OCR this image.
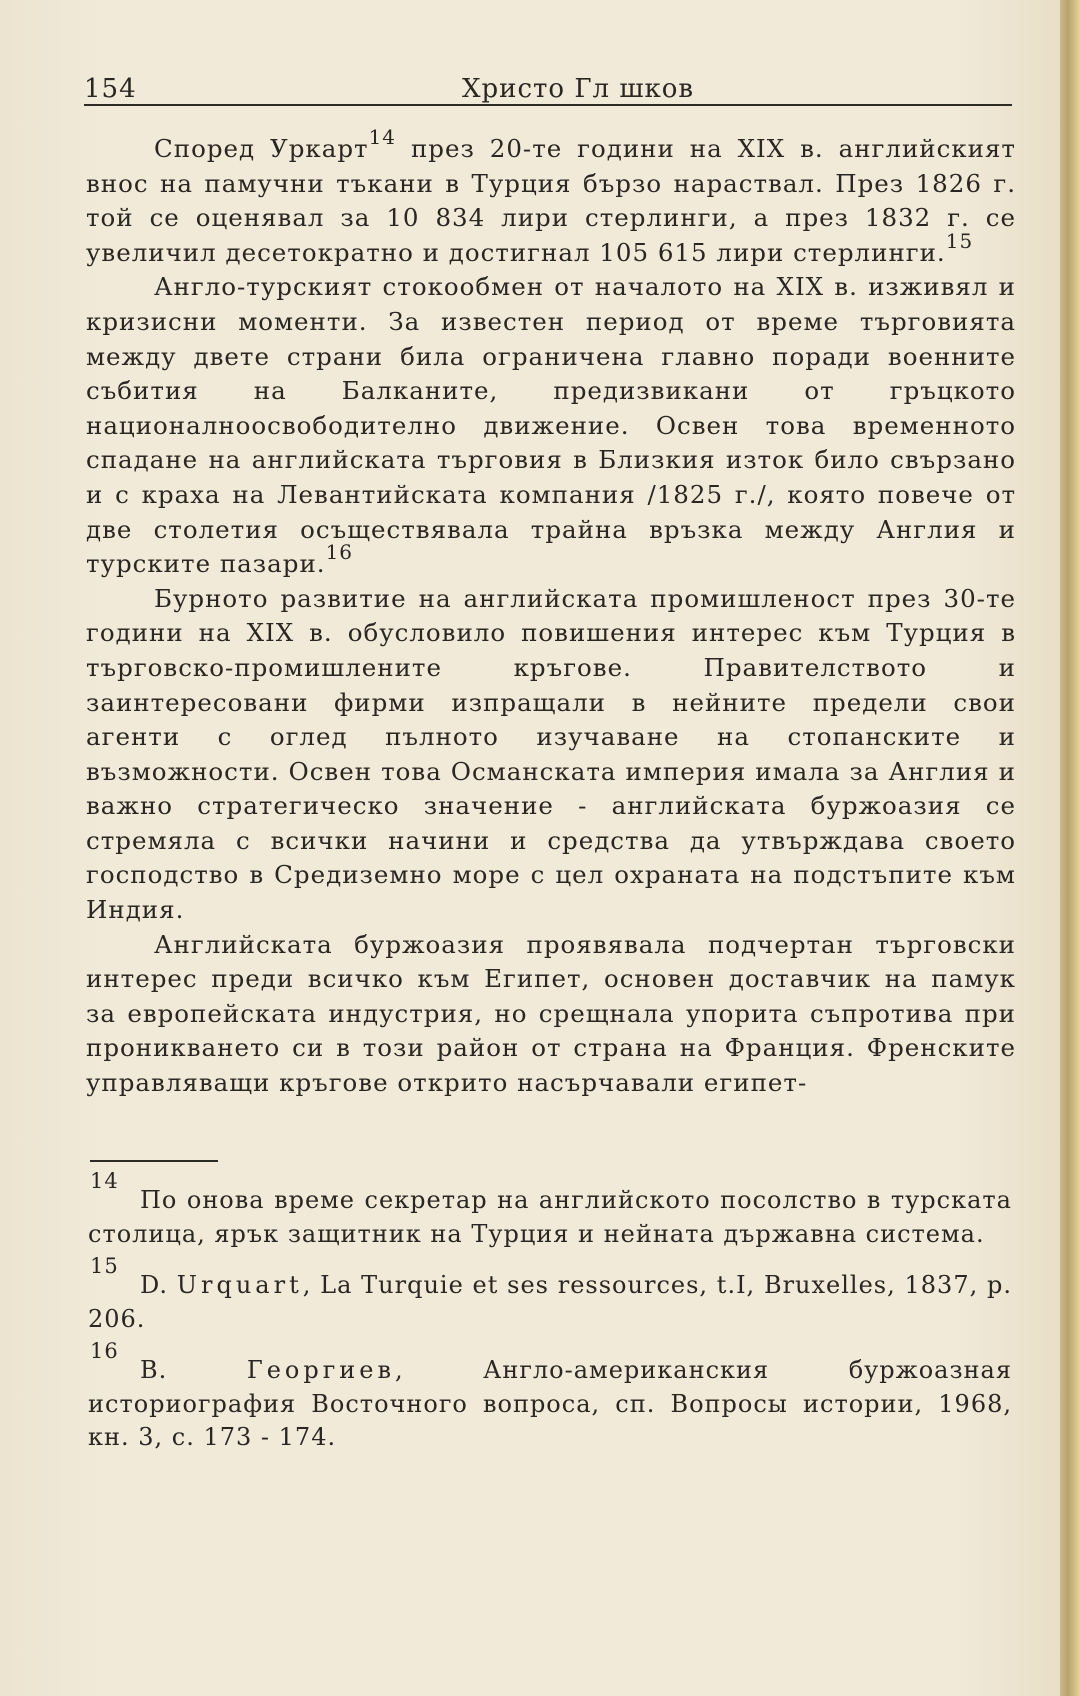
154	Христо Гл шков

Според Уркарт$^{14}$ през 20-те години на XIX в. английският внос на памучни тъкани в Турция бързо нараствал. През 1826 г. той се оценявал за 10 834 лири стерлинги, а през 1832 г. се увеличил десетократно и достигнал 105 615 лири стерлинги.$^{15}$

Англо-турският стокообмен от началото на XIX в. изживял и кризисни моменти. За известен период от време търговията между двете страни била ограничена главно поради военните събития на Балканите, предизвикани от гръцкото националноосвободително движение. Освен това временното спадане на английската търговия в Близкия изток било свързано и с краха на Левантийската компания /1825 г./, която повече от две столетия осъществявала трайна връзка между Англия и турските пазари.$^{16}$

Бурното развитие на английската промишленост през 30-те години на XIX в. обусловило повишения интерес към Турция в търговско-промишлените кръгове. Правителството и заинтересовани фирми изпращали в нейните предели свои агенти с оглед пълното изучаване на стопанските и възможности. Освен това Османската империя имала за Англия и важно стратегическо значение - английската буржоазия се стремяла с всички начини и средства да утвърждава своето господство в Средиземно море с цел охраната на подстъпите към Индия.

Английската буржоазия проявявала подчертан търговски интерес преди всичко към Египет, основен доставчик на памук за европейската индустрия, но срещнала упорита съпротива при проникването си в този район от страна на Франция. Френските управляващи кръгове открито насърчавали египет-

14
По онова време секретар на английското посолство в турската столица, ярък защитник на Турция и нейната държавна система.
15
D. Urquart, La Turquie et ses ressources, t.I, Bruxelles, 1837, p. 206.
16
В. Георгиев, Англо-американския буржоазная историография Восточного вопроса, сп. Вопросы истории, 1968, кн. 3, с. 173 - 174.
